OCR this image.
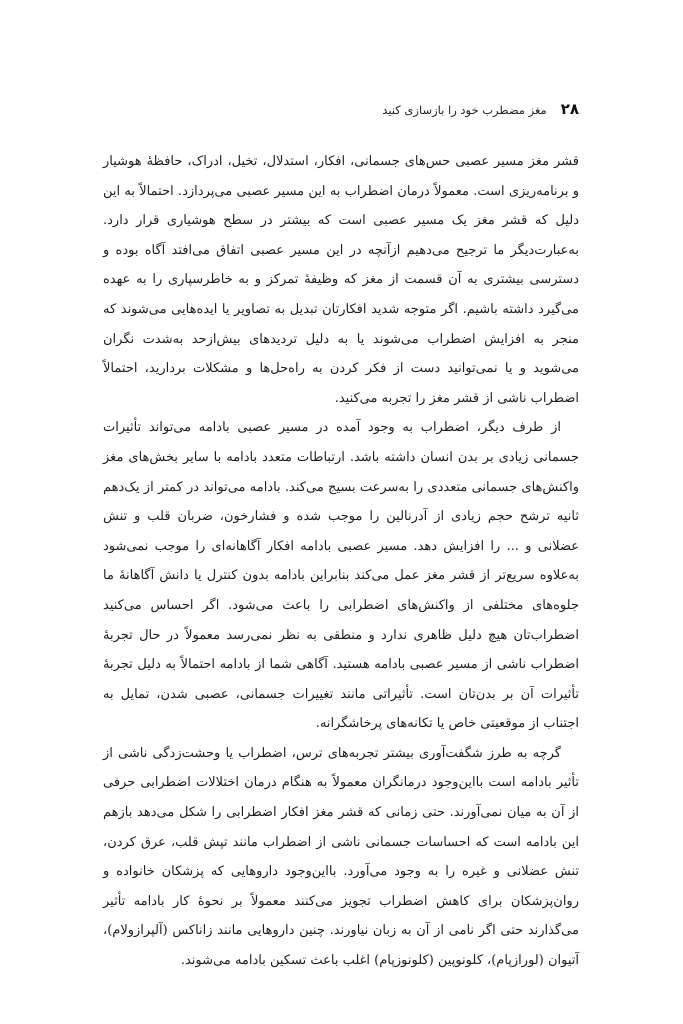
۲۸
مغز مضطرب خود را بازسازی کنید

قشر مغز مسیر عصبی حس‌های جسمانی، افکار، استدلال، تخیل، ادراک، حافظهٔ هوشیار و برنامه‌ریزی است. معمولاً درمان اضطراب به این مسیر عصبی می‌پردازد. احتمالاً به این دلیل که قشر مغز یک مسیر عصبی است که بیشتر در سطح هوشیاری قرار دارد. به‌عبارت‌دیگر ما ترجیح می‌دهیم ازآنچه در این مسیر عصبی اتفاق می‌افتد آگاه بوده و دسترسی بیشتری به آن قسمت از مغز که وظیفهٔ تمرکز و به خاطرسپاری را به عهده می‌گیرد داشته باشیم. اگر متوجه شدید افکارتان تبدیل به تصاویر یا ایده‌هایی می‌شوند که منجر به افزایش اضطراب می‌شوند یا به دلیل تردیدهای بیش‌ازحد به‌شدت نگران می‌شوید و یا نمی‌توانید دست از فکر کردن به راه‌حل‌ها و مشکلات بردارید، احتمالاً اضطراب ناشی از قشر مغز را تجربه می‌کنید.

از طرف دیگر، اضطراب به وجود آمده در مسیر عصبی بادامه می‌تواند تأثیرات جسمانی زیادی بر بدن انسان داشته باشد. ارتباطات متعدد بادامه با سایر بخش‌های مغز واکنش‌های جسمانی متعددی را به‌سرعت بسیج می‌کند. بادامه می‌تواند در کمتر از یک‌دهم ثانیه ترشح حجم زیادی از آدرنالین را موجب شده و فشارخون، ضربان قلب و تنش عضلانی و ... را افزایش دهد. مسیر عصبی بادامه افکار آگاهانه‌ای را موجب نمی‌شود به‌علاوه سریع‌تر از قشر مغز عمل می‌کند بنابراین بادامه بدون کنترل یا دانش آگاهانهٔ ما جلوه‌های مختلفی از واکنش‌های اضطرابی را باعث می‌شود. اگر احساس می‌کنید اضطراب‌تان هیچ دلیل ظاهری ندارد و منطقی به نظر نمی‌رسد معمولاً در حال تجربهٔ اضطراب ناشی از مسیر عصبی بادامه هستید. آگاهی شما از بادامه احتمالاً به دلیل تجربهٔ تأثیرات آن بر بدن‌تان است. تأثیراتی مانند تغییرات جسمانی، عصبی شدن، تمایل به اجتناب از موقعیتی خاص یا تکانه‌های پرخاشگرانه.

گرچه به طرز شگفت‌آوری بیشتر تجربه‌های ترس، اضطراب یا وحشت‌زدگی ناشی از تأثیر بادامه است بااین‌وجود درمانگران معمولاً به هنگام درمان اختلالات اضطرابی حرفی از آن به میان نمی‌آورند. حتی زمانی که قشر مغز افکار اضطرابی را شکل می‌دهد بازهم این بادامه است که احساسات جسمانی ناشی از اضطراب مانند تپش قلب، عرق کردن، تنش عضلانی و غیره را به وجود می‌آورد. بااین‌وجود داروهایی که پزشکان خانواده و روان‌پزشکان برای کاهش اضطراب تجویز می‌کنند معمولاً بر نحوهٔ کار بادامه تأثیر می‌گذارند حتی اگر نامی از آن به زبان نیاورند. چنین داروهایی مانند زاناکس (آلپرازولام)، آتیوان (لورازپام)، کلونوپین (کلونوزپام) اغلب باعث تسکین بادامه می‌شوند.
